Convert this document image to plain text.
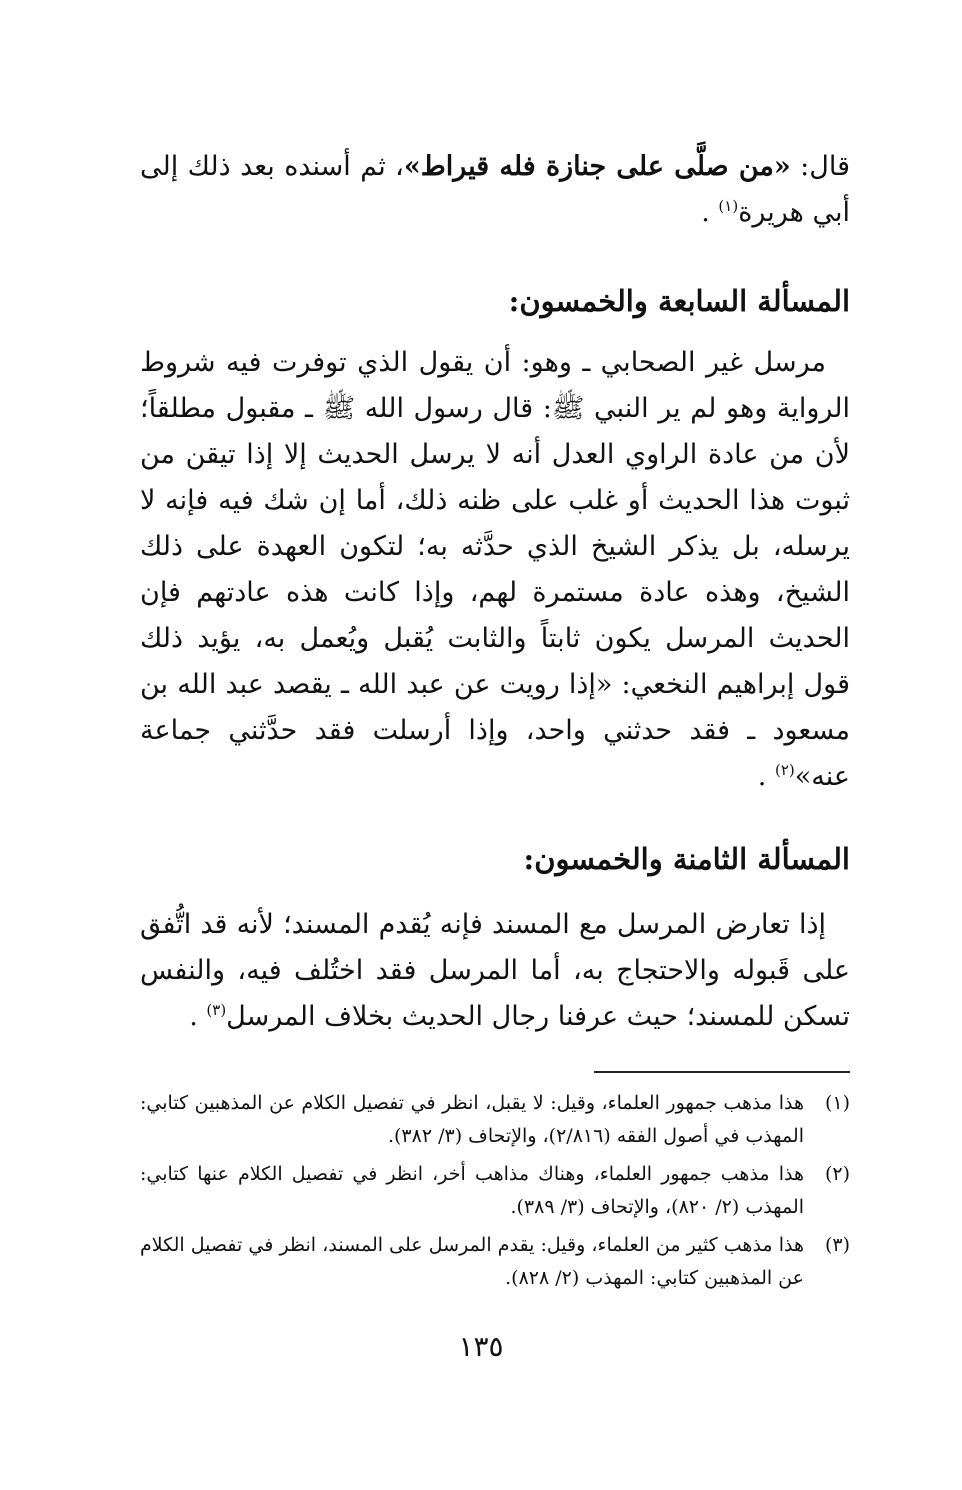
قال: «من صلَّى على جنازة فله قيراط»، ثم أسنده بعد ذلك إلى أبي هريرة$^{(١)}$ .

المسألة السابعة والخمسون:

مرسل غير الصحابي ـ وهو: أن يقول الذي توفرت فيه شروط الرواية وهو لم ير النبي ﷺ: قال رسول الله ﷺ ـ مقبول مطلقاً؛ لأن من عادة الراوي العدل أنه لا يرسل الحديث إلا إذا تيقن من ثبوت هذا الحديث أو غلب على ظنه ذلك، أما إن شك فيه فإنه لا يرسله، بل يذكر الشيخ الذي حدَّثه به؛ لتكون العهدة على ذلك الشيخ، وهذه عادة مستمرة لهم، وإذا كانت هذه عادتهم فإن الحديث المرسل يكون ثابتاً والثابت يُقبل ويُعمل به، يؤيد ذلك قول إبراهيم النخعي: «إذا رويت عن عبد الله ـ يقصد عبد الله بن مسعود ـ فقد حدثني واحد، وإذا أرسلت فقد حدَّثني جماعة عنه»$^{(٢)}$ .

المسألة الثامنة والخمسون:

إذا تعارض المرسل مع المسند فإنه يُقدم المسند؛ لأنه قد اتُّفق على قَبوله والاحتجاج به، أما المرسل فقد اختُلف فيه، والنفس تسكن للمسند؛ حيث عرفنا رجال الحديث بخلاف المرسل$^{(٣)}$ .

(١)
هذا مذهب جمهور العلماء، وقيل: لا يقبل، انظر في تفصيل الكلام عن المذهبين كتابي: المهذب في أصول الفقه (٢/٨١٦)، والإتحاف (٣/ ٣٨٢).

(٢)
هذا مذهب جمهور العلماء، وهناك مذاهب أخر، انظر في تفصيل الكلام عنها كتابي: المهذب (٢/ ٨٢٠)، والإتحاف (٣/ ٣٨٩).

(٣)
هذا مذهب كثير من العلماء، وقيل: يقدم المرسل على المسند، انظر في تفصيل الكلام عن المذهبين كتابي: المهذب (٢/ ٨٢٨).

١٣٥
